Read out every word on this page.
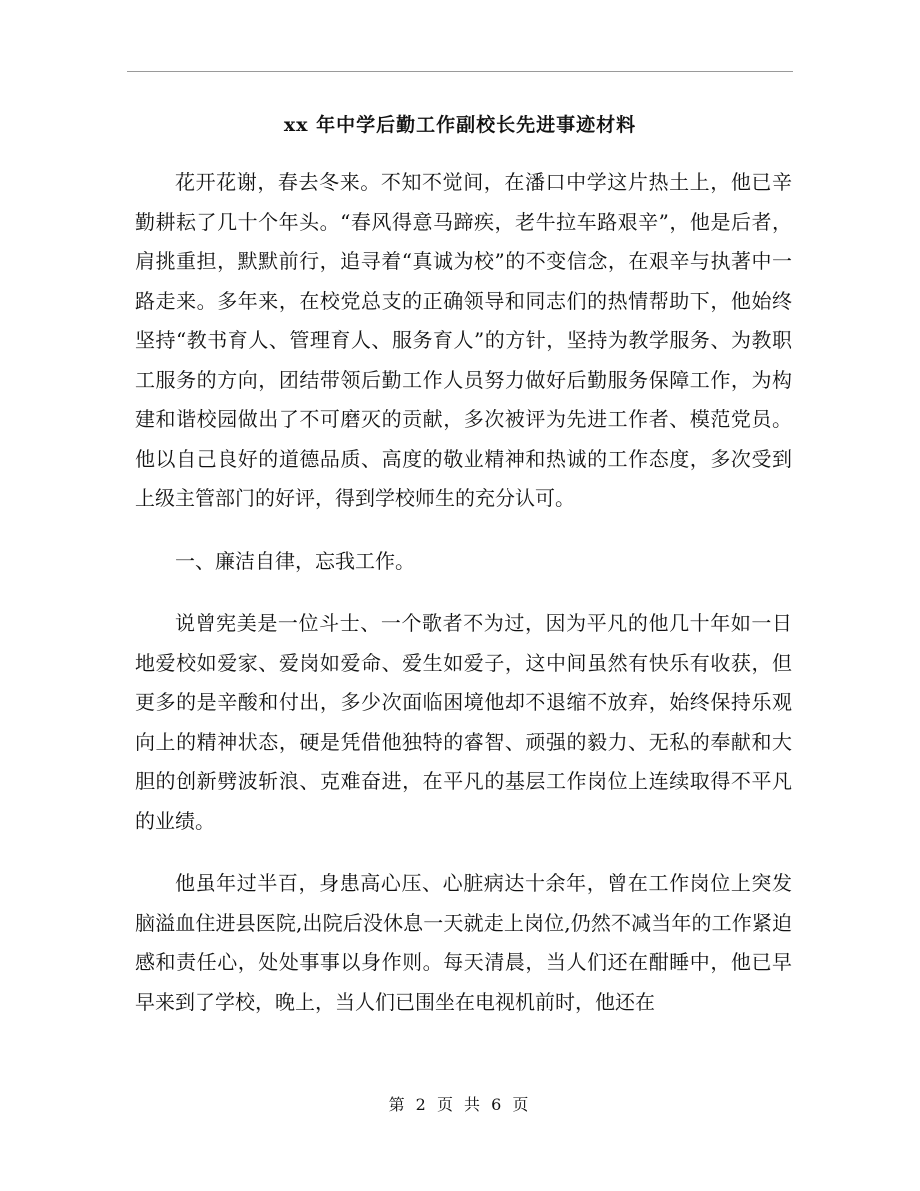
xx 年中学后勤工作副校长先进事迹材料

花开花谢，春去冬来。不知不觉间，在潘口中学这片热土上，他已辛勤耕耘了几十个年头。“春风得意马蹄疾，老牛拉车路艰辛”，他是后者，肩挑重担，默默前行，追寻着“真诚为校”的不变信念，在艰辛与执著中一路走来。多年来，在校党总支的正确领导和同志们的热情帮助下，他始终坚持“教书育人、管理育人、服务育人”的方针，坚持为教学服务、为教职工服务的方向，团结带领后勤工作人员努力做好后勤服务保障工作，为构建和谐校园做出了不可磨灭的贡献，多次被评为先进工作者、模范党员。他以自己良好的道德品质、高度的敬业精神和热诚的工作态度，多次受到上级主管部门的好评，得到学校师生的充分认可。

一、廉洁自律，忘我工作。

说曾宪美是一位斗士、一个歌者不为过，因为平凡的他几十年如一日地爱校如爱家、爱岗如爱命、爱生如爱子，这中间虽然有快乐有收获，但更多的是辛酸和付出，多少次面临困境他却不退缩不放弃，始终保持乐观向上的精神状态，硬是凭借他独特的睿智、顽强的毅力、无私的奉献和大胆的创新劈波斩浪、克难奋进，在平凡的基层工作岗位上连续取得不平凡的业绩。

他虽年过半百，身患高心压、心脏病达十余年，曾在工作岗位上突发脑溢血住进县医院,出院后没休息一天就走上岗位,仍然不减当年的工作紧迫感和责任心，处处事事以身作则。每天清晨，当人们还在酣睡中，他已早早来到了学校，晚上，当人们已围坐在电视机前时，他还在

第 2 页 共 6 页
